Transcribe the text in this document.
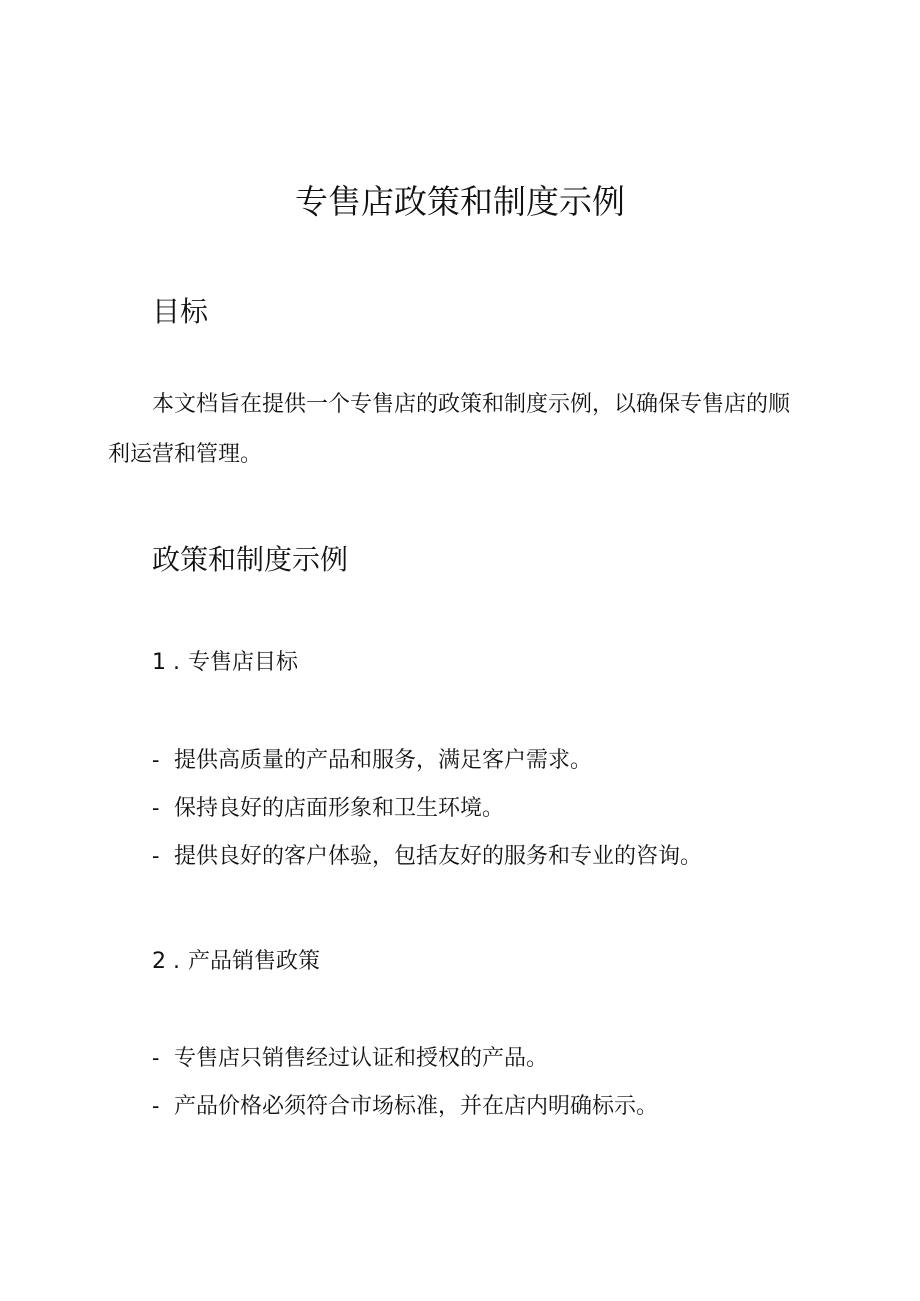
专售店政策和制度示例
目标

本文档旨在提供一个专售店的政策和制度示例，以确保专售店的顺利运营和管理。

政策和制度示例
1 . 专售店目标
- 提供高质量的产品和服务，满足客户需求。
- 保持良好的店面形象和卫生环境。
- 提供良好的客户体验，包括友好的服务和专业的咨询。
2 . 产品销售政策
- 专售店只销售经过认证和授权的产品。
- 产品价格必须符合市场标准，并在店内明确标示。
